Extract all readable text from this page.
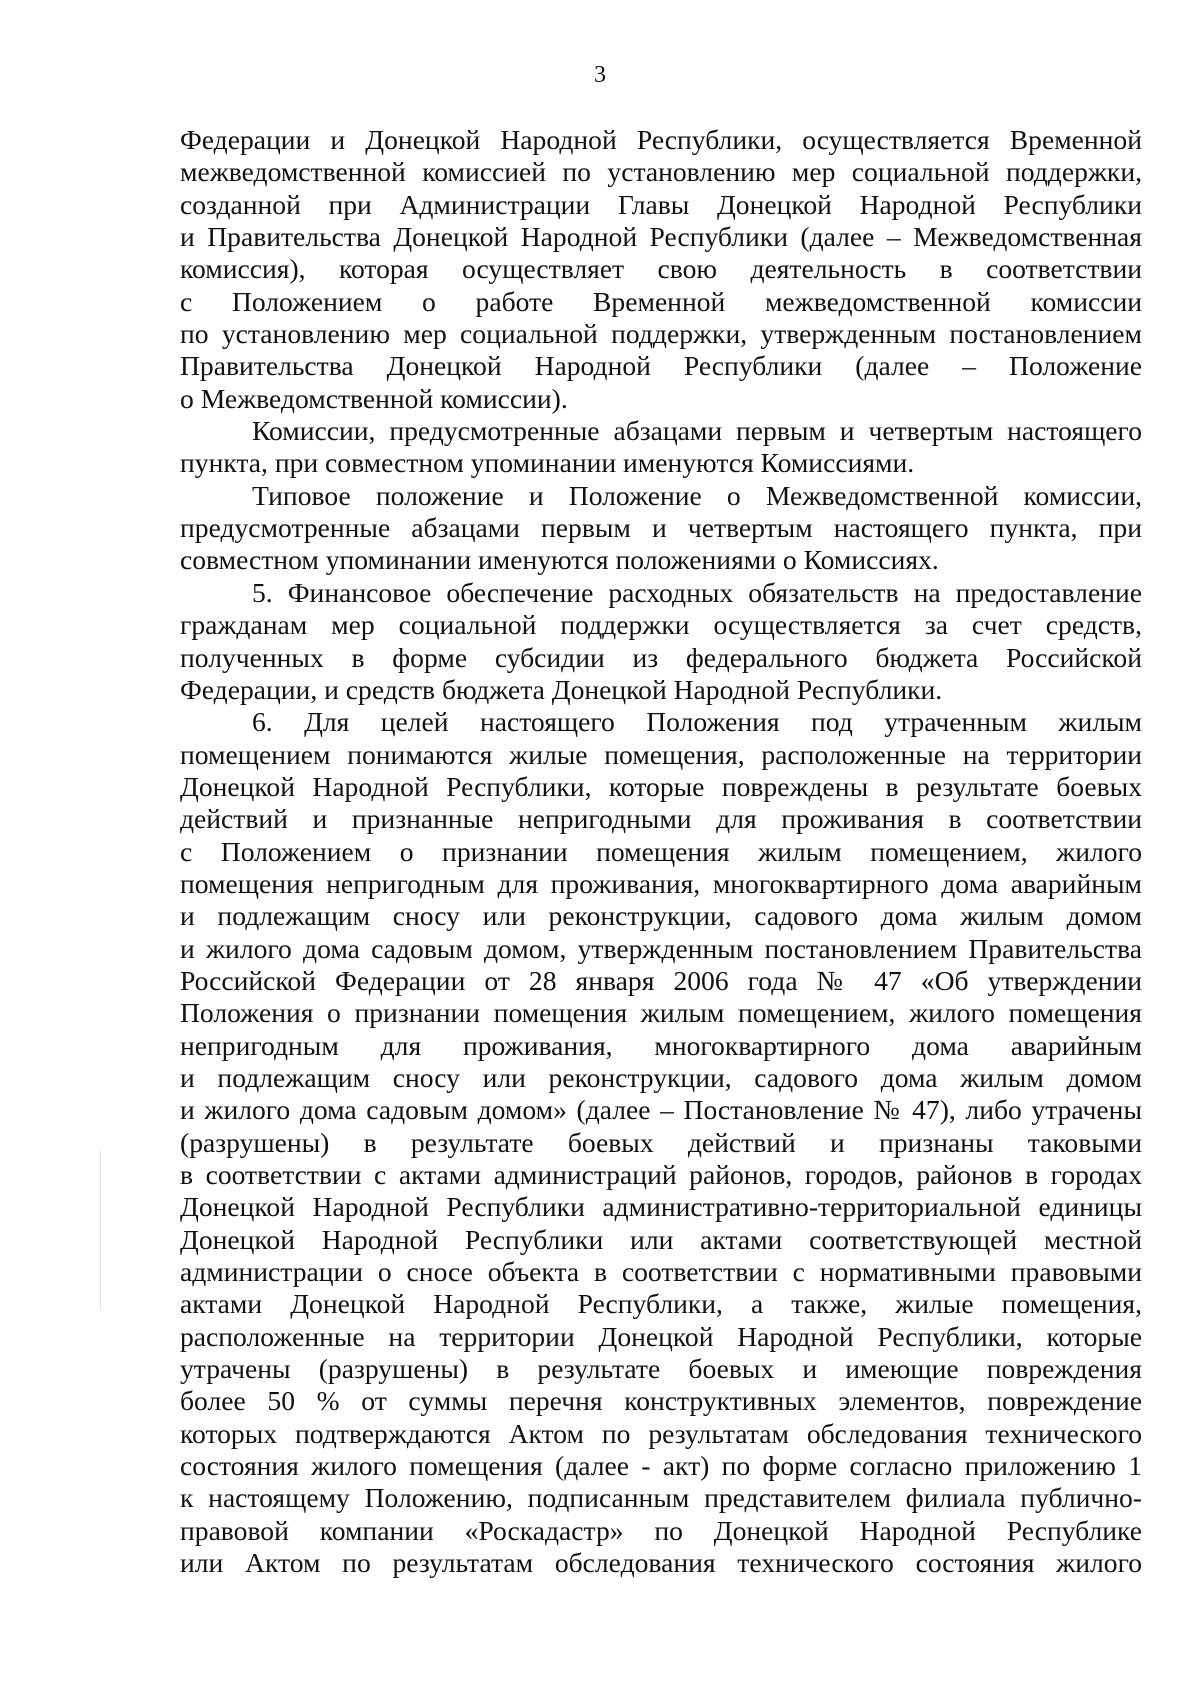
3
Федерации и Донецкой Народной Республики, осуществляется Временной
межведомственной комиссией по установлению мер социальной поддержки,
созданной при Администрации Главы Донецкой Народной Республики
и Правительства Донецкой Народной Республики (далее – Межведомственная
комиссия), которая осуществляет свою деятельность в соответствии
с Положением о работе Временной межведомственной комиссии
по установлению мер социальной поддержки, утвержденным постановлением
Правительства Донецкой Народной Республики (далее – Положение
о Межведомственной комиссии).
Комиссии, предусмотренные абзацами первым и четвертым настоящего
пункта, при совместном упоминании именуются Комиссиями.
Типовое положение и Положение о Межведомственной комиссии,
предусмотренные абзацами первым и четвертым настоящего пункта, при
совместном упоминании именуются положениями о Комиссиях.
5. Финансовое обеспечение расходных обязательств на предоставление
гражданам мер социальной поддержки осуществляется за счет средств,
полученных в форме субсидии из федерального бюджета Российской
Федерации, и средств бюджета Донецкой Народной Республики.
6. Для целей настоящего Положения под утраченным жилым
помещением понимаются жилые помещения, расположенные на территории
Донецкой Народной Республики, которые повреждены в результате боевых
действий и признанные непригодными для проживания в соответствии
с Положением о признании помещения жилым помещением, жилого
помещения непригодным для проживания, многоквартирного дома аварийным
и подлежащим сносу или реконструкции, садового дома жилым домом
и жилого дома садовым домом, утвержденным постановлением Правительства
Российской Федерации от 28 января 2006 года № 47 «Об утверждении
Положения о признании помещения жилым помещением, жилого помещения
непригодным для проживания, многоквартирного дома аварийным
и подлежащим сносу или реконструкции, садового дома жилым домом
и жилого дома садовым домом» (далее – Постановление № 47), либо утрачены
(разрушены) в результате боевых действий и признаны таковыми
в соответствии с актами администраций районов, городов, районов в городах
Донецкой Народной Республики административно-территориальной единицы
Донецкой Народной Республики или актами соответствующей местной
администрации о сносе объекта в соответствии с нормативными правовыми
актами Донецкой Народной Республики, а также, жилые помещения,
расположенные на территории Донецкой Народной Республики, которые
утрачены (разрушены) в результате боевых и имеющие повреждения
более 50 % от суммы перечня конструктивных элементов, повреждение
которых подтверждаются Актом по результатам обследования технического
состояния жилого помещения (далее - акт) по форме согласно приложению 1
к настоящему Положению, подписанным представителем филиала публично-
правовой компании «Роскадастр» по Донецкой Народной Республике
или Актом по результатам обследования технического состояния жилого
